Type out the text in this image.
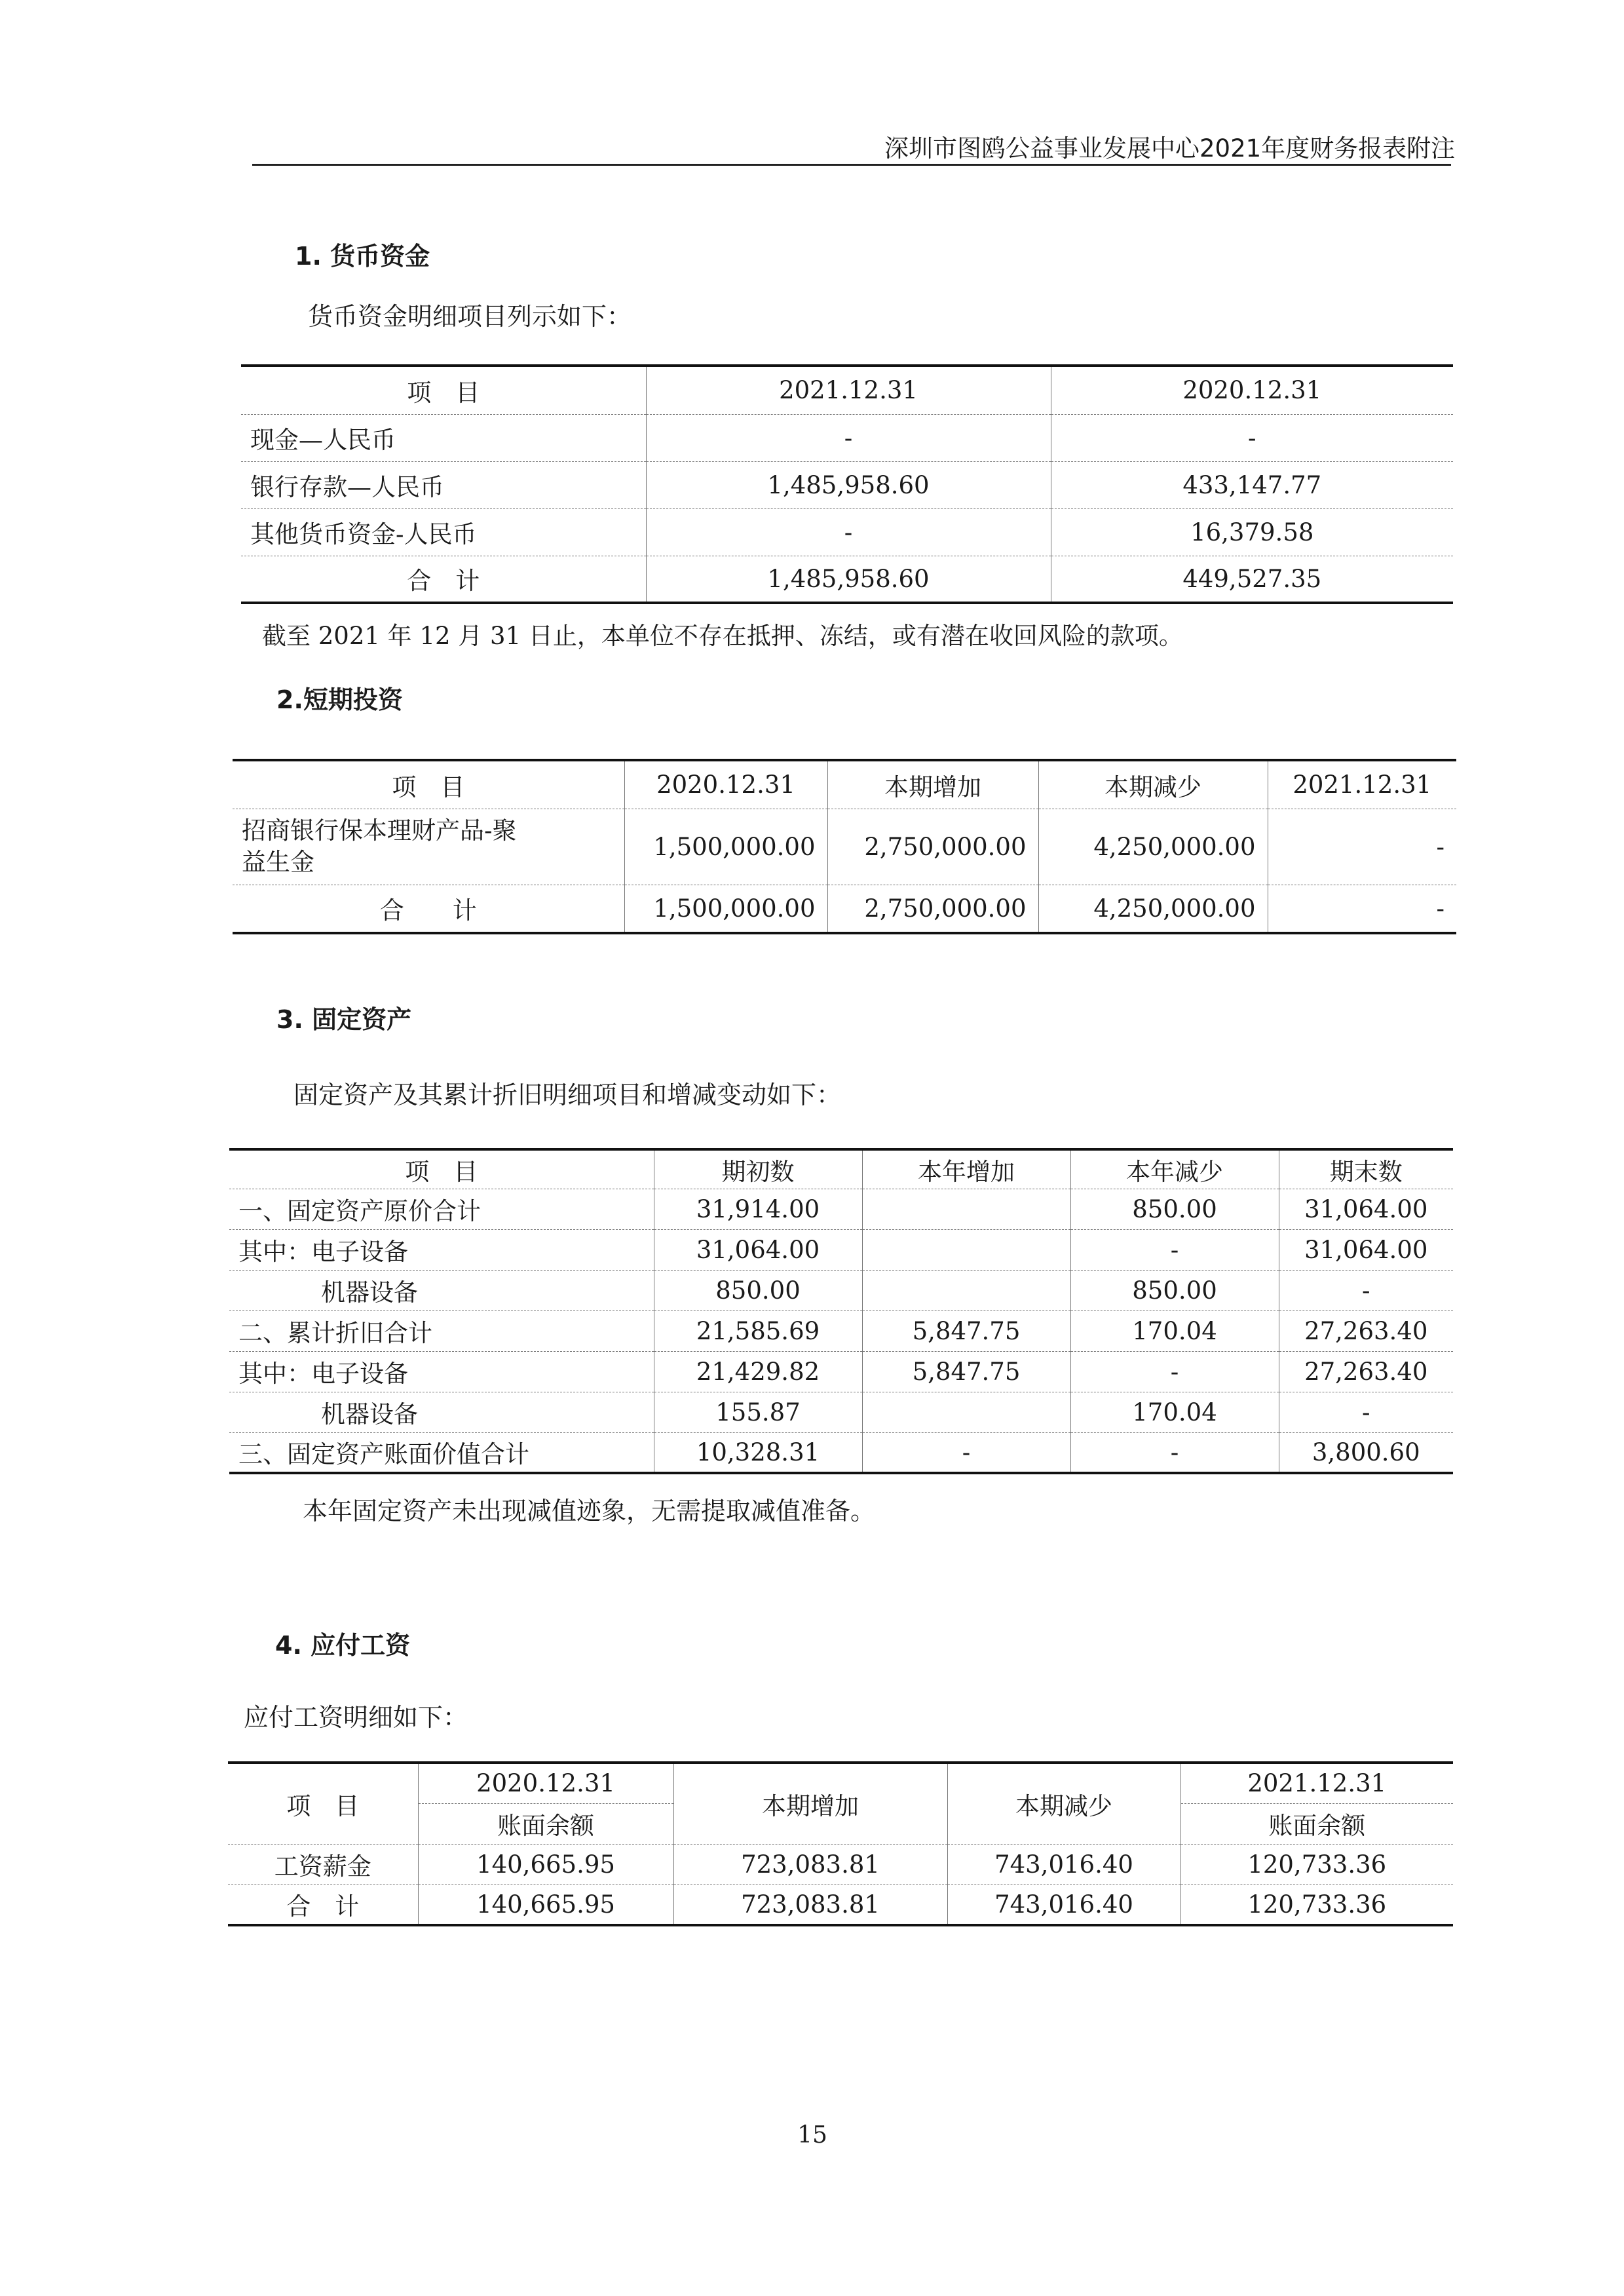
深圳市图鸥公益事业发展中心2021年度财务报表附注
1. 货币资金
货币资金明细项目列示如下：
项　目	2021.12.31	2020.12.31
现金—人民币	-	-
银行存款—人民币	1,485,958.60	433,147.77
其他货币资金-人民币	-	16,379.58
合　计	1,485,958.60	449,527.35
截至 2021 年 12 月 31 日止，本单位不存在抵押、冻结，或有潜在收回风险的款项。
2.短期投资
项　目	2020.12.31	本期增加	本期减少	2021.12.31
招商银行保本理财产品-聚
益生金	1,500,000.00	2,750,000.00	4,250,000.00	-
合　　计	1,500,000.00	2,750,000.00	4,250,000.00	-
3. 固定资产
固定资产及其累计折旧明细项目和增减变动如下：
项　目	期初数	本年增加	本年减少	期末数
一、固定资产原价合计	31,914.00		850.00	31,064.00
其中：电子设备	31,064.00		-	31,064.00
机器设备	850.00		850.00	-
二、累计折旧合计	21,585.69	5,847.75	170.04	27,263.40
其中：电子设备	21,429.82	5,847.75	-	27,263.40
机器设备	155.87		170.04	-
三、固定资产账面价值合计	10,328.31	-	-	3,800.60
本年固定资产未出现减值迹象，无需提取减值准备。
4. 应付工资
应付工资明细如下：
项　目	2020.12.31	本期增加	本期减少	2021.12.31
	账面余额			账面余额
工资薪金	140,665.95	723,083.81	743,016.40	120,733.36
合　计	140,665.95	723,083.81	743,016.40	120,733.36
15
